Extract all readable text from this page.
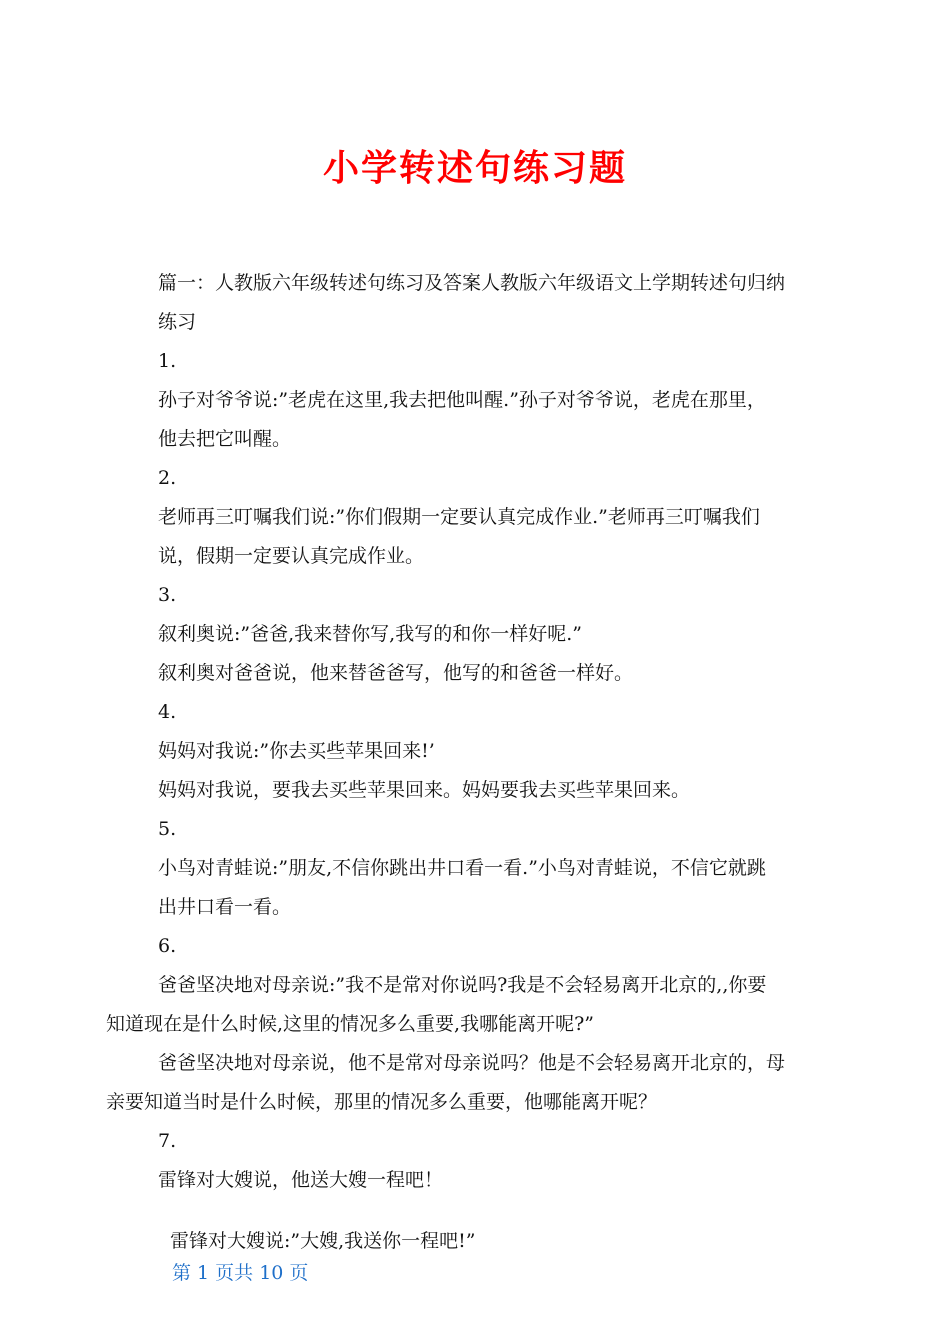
小学转述句练习题
篇一：人教版六年级转述句练习及答案人教版六年级语文上学期转述句归纳
练习
1.
孙子对爷爷说:”老虎在这里,我去把他叫醒.”孙子对爷爷说，老虎在那里，
他去把它叫醒。
2.
老师再三叮嘱我们说:”你们假期一定要认真完成作业.”老师再三叮嘱我们
说，假期一定要认真完成作业。
3.
叙利奥说:”爸爸,我来替你写,我写的和你一样好呢.”
叙利奥对爸爸说，他来替爸爸写，他写的和爸爸一样好。
4.
妈妈对我说:”你去买些苹果回来!’
妈妈对我说，要我去买些苹果回来。妈妈要我去买些苹果回来。
5.
小鸟对青蛙说:”朋友,不信你跳出井口看一看.”小鸟对青蛙说，不信它就跳
出井口看一看。
6.
爸爸坚决地对母亲说:”我不是常对你说吗?我是不会轻易离开北京的,,你要
知道现在是什么时候,这里的情况多么重要,我哪能离开呢?”
爸爸坚决地对母亲说，他不是常对母亲说吗？他是不会轻易离开北京的，母
亲要知道当时是什么时候，那里的情况多么重要，他哪能离开呢？
7.
雷锋对大嫂说，他送大嫂一程吧！
雷锋对大嫂说:”大嫂,我送你一程吧!”
第 1 页共 10 页
